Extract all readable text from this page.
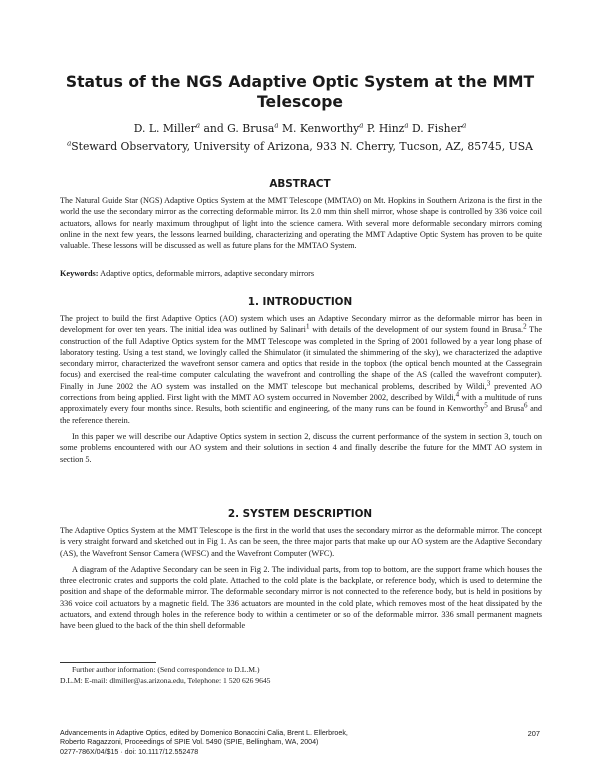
Status of the NGS Adaptive Optic System at the MMT
Telescope
D. L. Miller$^a$ and G. Brusa$^a$ M. Kenworthy$^a$ P. Hinz$^a$ D. Fisher$^a$
$^a$Steward Observatory, University of Arizona, 933 N. Cherry, Tucson, AZ, 85745, USA
ABSTRACT

The Natural Guide Star (NGS) Adaptive Optics System at the MMT Telescope (MMTAO) on Mt. Hopkins in Southern Arizona is the first in the world the use the secondary mirror as the correcting deformable mirror. Its 2.0 mm thin shell mirror, whose shape is controlled by 336 voice coil actuators, allows for nearly maximum throughput of light into the science camera. With several more deformable secondary mirrors coming online in the next few years, the lessons learned building, characterizing and operating the MMT Adaptive Optic System has proven to be quite valuable. These lessons will be discussed as well as future plans for the MMTAO System.

Keywords: Adaptive optics, deformable mirrors, adaptive secondary mirrors

1. INTRODUCTION

The project to build the first Adaptive Optics (AO) system which uses an Adaptive Secondary mirror as the deformable mirror has been in development for over ten years. The initial idea was outlined by Salinari$^1$ with details of the development of our system found in Brusa.$^2$ The construction of the full Adaptive Optics system for the MMT Telescope was completed in the Spring of 2001 followed by a year long phase of laboratory testing. Using a test stand, we lovingly called the Shimulator (it simulated the shimmering of the sky), we characterized the adaptive secondary mirror, characterized the wavefront sensor camera and optics that reside in the topbox (the optical bench mounted at the Cassegrain focus) and exercised the real-time computer calculating the wavefront and controlling the shape of the AS (called the wavefront computer). Finally in June 2002 the AO system was installed on the MMT telescope but mechanical problems, described by Wildi,$^3$ prevented AO corrections from being applied. First light with the MMT AO system occurred in November 2002, described by Wildi,$^4$ with a multitude of runs approximately every four months since. Results, both scientific and engineering, of the many runs can be found in Kenworthy$^5$ and Brusa$^6$ and the reference therein.

In this paper we will describe our Adaptive Optics system in section 2, discuss the current performance of the system in section 3, touch on some problems encountered with our AO system and their solutions in section 4 and finally describe the future for the MMT AO system in section 5.

2. SYSTEM DESCRIPTION

The Adaptive Optics System at the MMT Telescope is the first in the world that uses the secondary mirror as the deformable mirror. The concept is very straight forward and sketched out in Fig 1. As can be seen, the three major parts that make up our AO system are the Adaptive Secondary (AS), the Wavefront Sensor Camera (WFSC) and the Wavefront Computer (WFC).

A diagram of the Adaptive Secondary can be seen in Fig 2. The individual parts, from top to bottom, are the support frame which houses the three electronic crates and supports the cold plate. Attached to the cold plate is the backplate, or reference body, which is used to determine the position and shape of the deformable mirror. The deformable secondary mirror is not connected to the reference body, but is held in positions by 336 voice coil actuators by a magnetic field. The 336 actuators are mounted in the cold plate, which removes most of the heat dissipated by the actuators, and extend through holes in the reference body to within a centimeter or so of the deformable mirror. 336 small permanent magnets have been glued to the back of the thin shell deformable

Further author information: (Send correspondence to D.L.M.)
D.L.M: E-mail: dlmiller@as.arizona.edu, Telephone: 1 520 626 9645
Advancements in Adaptive Optics, edited by Domenico Bonaccini Calia, Brent L. Ellerbroek,
Roberto Ragazzoni, Proceedings of SPIE Vol. 5490 (SPIE, Bellingham, WA, 2004)
0277-786X/04/$15 · doi: 10.1117/12.552478
207
